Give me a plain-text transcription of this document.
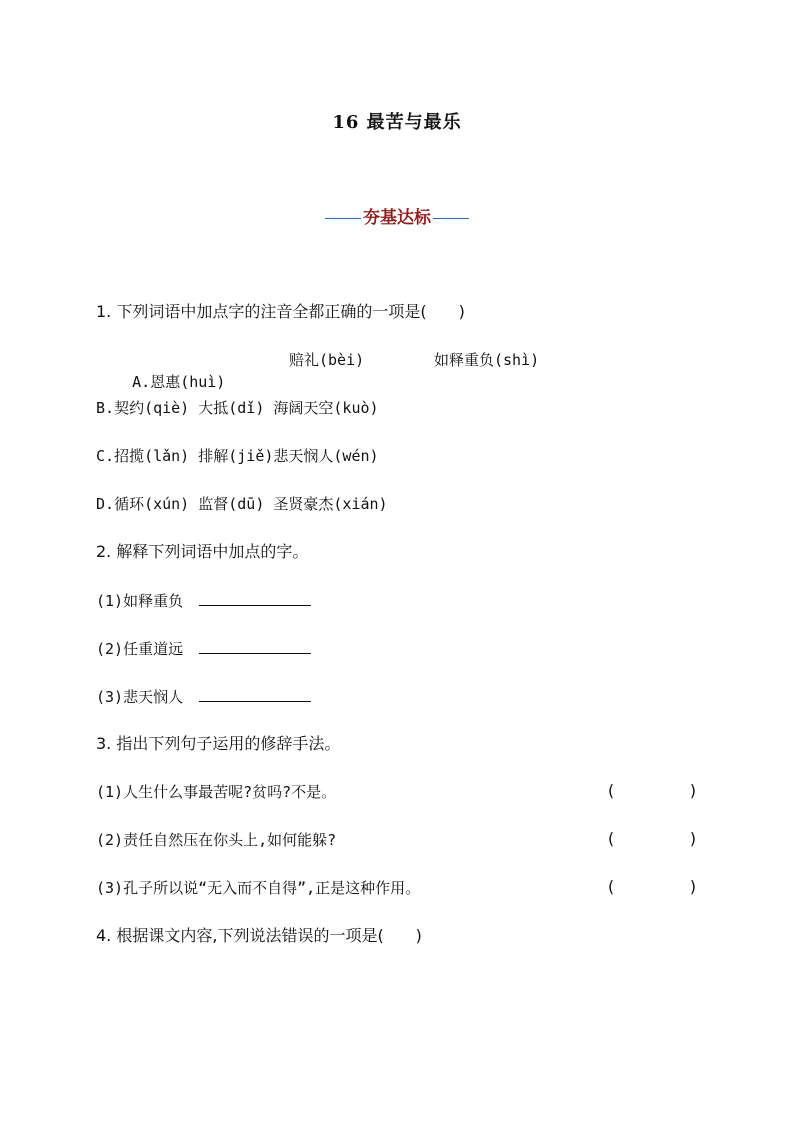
16 最苦与最乐
夯基达标
1. 下列词语中加点字的注音全都正确的一项是(　　)

A.恩惠(huì)

赔礼(bèi)	如释重负(shì)
B.契约(qiè) 大抵(dǐ) 海阔天空(kuò)
C.招揽(lǎn) 排解(jiě)悲天悯人(wén)
D.循环(xún) 监督(dū) 圣贤豪杰(xián)
2. 解释下列词语中加点的字。
(1)如释重负
(2)任重道远
(3)悲天悯人
3. 指出下列句子运用的修辞手法。
(1)人生什么事最苦呢?贫吗?不是。	(	)
(2)责任自然压在你头上,如何能躲?	(	)
(3)孔子所以说“无入而不自得”,正是这种作用。	(	)
4. 根据课文内容,下列说法错误的一项是(　　)
